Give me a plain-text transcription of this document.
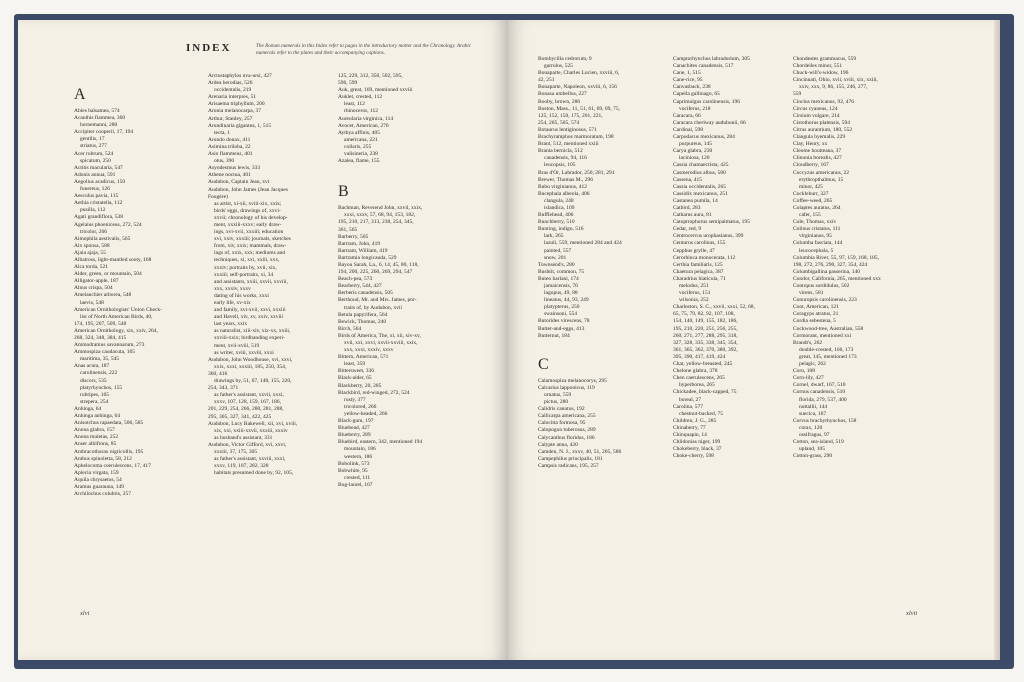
INDEX	The Roman numerals in this Index refer to pages in the introductory matter and the Chronology. Arabic numerals refer to the plates and their accompanying captions.
A
Abies balsamea, 574
Acanthis flammea, 360
hornemanni, 280
Accipiter cooperii, 17, 194
gentilis, 17
striatus, 277
Acer rubrum, 524
spicatum, 250
Actitis macularia, 547
Adonis annua, 591
Aegolius acadicus, 150
funereus, 126
Aesculus pavia, 115
Aethia cristatella, 112
pusilla, 112
Agati grandiflora, 538
Agelaius phoeniceus, 272, 524
tricolor, 266
Aimophila aestivalis, 565
Aix sponsa, 588
Ajaia ajaja, 55
Albatross, light-mantled sooty, 168
Alca torda, 521
Alder, green, or mountain, 504
Alligator-apple, 187
Alnus crispa, 504
Amelanchier arborea, 548
laevis, 548
American Ornithologists' Union Check-
list of North American Birds, 40,
174, 195, 207, 509, 548
American Ornithology, xix, xxiv, 264,
268, 324, 348, 384, 415
Ammodramus savannarum, 273
Ammospiza caudacuta, 165
maritima, 35, 545
Anas acuta, 187
carolinensis, 222
discors, 535
platyrhynchos, 155
rubripes, 165
strepera, 254
Anhinga, 64
Anhinga anhinga, 64
Anisotchus rapaedata, 506, 585
Anona glabra, 157
Anona muletas, 252
Anser albifrons, 85
Anthracothorax nigricollis, 195
Anthus spinoletta, 58, 212
Aphelocoma coerulescens, 17, 417
Aplecia virgata, 159
Aquila chrysaetos, 54
Aramus guarauna, 149
Archilochus colubris, 257
Arctostaphylos uva-ursi, 427
Ardea herodias, 526
occidentalis, 219
Arenaria interpres, 51
Arisaema triphyllum, 200
Aronia melanocarpa, 37
Arthur, Stanley, 257
Arundinaria gigantea, 1, 515
tecta, 1
Arundo donax, 411
Asimina triloba, 22
Asio flammeus, 401
otus, 390
Asyndesmus lewis, 333
Athene noctua, 401
Audubon, Captain Jean, xvi
Audubon, John James (Jean Jacques
Fougère)
as artist, xi-xii, xviii-xix, xxix;
birds' eggs, drawings of, xxvi-
xxvii; chronology of his develop-
ment, xxxiii-xxxv; early draw-
ings, xvi-xvii, xxxiii; education
xvi, xxiv, xxxiii; journals, sketches
from, xiv, xxix; mammals, draw-
ings of, xxix, xxx; mediums and
techniques, xi, xxi, xxiii, xxx,
xxxiv; portraits by, xvii, xix,
xxxiii; self-portraits, xi, 34
and assistants, xxiii, xxvii, xxviii,
xxx, xxxiv, xxxv
dating of his works, xxxi
early life, xv-xix
and family, xvi-xvii, xxvi, xxxiii
and Havell, xiv, xv, xxiv, xxviii
last years, xxix
as naturalist, xiii-xiv, xix-xx, xxiii,
xxviii-xxix; birdbanding experi-
ment, xvii-xviii, 519
as writer, xviii, xxviii, xxxi
Audubon, John Woodhouse, xvi, xxvi,
xxix, xxxi, xxxiii, 185, 250, 354,
360, 416
drawings by, 51, 67, 148, 155, 220,
254, 343, 371
as father's assistant, xxvii, xxxi,
xxxv, 107, 128, 159, 167, 186,
201, 229, 254, 266, 280, 281, 288,
295, 305, 327, 341, 422, 425
Audubon, Lucy Bakewell, xii, xvi, xviii,
xix, xxi, xxiii-xxvii, xxxiii, xxxiv
as husband's assistant, 331
Audubon, Victor Gifford, xvi, xxvi,
xxxiii, 37, 175, 305
as father's assistant, xxviii, xxxi,
xxxv, 119, 187, 282, 328
habitats presumed done by, 92, 105,
125, 229, 312, 350, 502, 595,
596, 599
Auk, great, 169, mentioned xxviii
Auklet, crested, 112
least, 112
rhinoceros, 112
Aureolaria virginica, 114
Avocet, American, 270
Aythya affinis, 405
americana, 221
collaris, 255
valisineria, 238
Azalea, flame, 155
B
Bachman, Reverend John, xxvii, xxix,
xxxi, xxxv, 57, 68, 94, 153, 182,
195, 210, 217, 313, 238, 254, 345,
361, 565
Barberry, 505
Bartram, John, 419
Bartram, William, 419
Bartramia longicauda, 529
Bayou Sarah, La., 6, 14, 45, 80, 118,
194, 200, 225, 260, 269, 294, 547
Beach-pea, 573
Bearberry, 544, 427
Berberis canadensis, 505
Berthoud, Mr. and Mrs. James, por-
traits of, by Audubon, xvii
Betula papyrifera, 564
Bewick, Thomas, 240
Birch, 564
Birds of America, The, xi, xii, xiv-xv,
xvii, xxi, xxvi, xxvii-xxviii, xxix,
xxx, xxxi, xxxiv, xxxv
Bittern, American, 571
least, 359
Bittersweet, 336
Black-alder, 65
Blackberry, 20, 285
Blackbird, red-winged, 272, 524
rusty, 377
tricolored, 266
yellow-headed, 266
Black-gum, 197
Bluebead, 427
Blueberry, 289
Bluebird, eastern, 342, mentioned 194
mountain, 186
western, 186
Bobolink, 573
Bobwhite, 95
crested, 111
Bog-laurel, 167
xlvi
Bombycilla cedrorum, 9
garrulus, 525
Bonaparte, Charles Lucien, xxviii, 6,
42, 251
Bonaparte, Napoleon, xxviii, 6, 156
Bonasa umbellus, 227
Booby, brown, 286
Boston, Mass., 11, 51, 61, 69, 69, 75,
125, 152, 150, 175, 201, 221,
254, 265, 505, 574
Botaurus lentiginosus, 571
Brachyramphus marmoratum, 198
Brant, 512, mentioned xxiii
Branta bernicla, 512
canadensis, 94, 116
leucopsis, 105
Bras d'Or, Labrador, 250, 281, 291
Brewer, Thomas M., 296
Bubo virginianus, 412
Bucephala albeola, 406
clangula, 248
islandica, 109
Bufflehead, 406
Bunchberry, 510
Bunting, indigo, 516
lark, 265
lazuli, 559, mentioned 284 and 424
painted, 557
snow, 201
Townsend's, 280
Bushtit, common, 75
Buteo harlani, 174
jamaicensis, 76
lagopus, 49, 88
lineatus, 44, 93, 249
platypterus, 250
swainsoni, 554
Butorides virescens, 78
Butter-and-eggs, 413
Butternut, 184
C
Calamospiza melanocorys, 295
Calcarius lapponicus, 119
ornatus, 559
pictus, 280
Calidris canutus, 192
Callicarpa americana, 255
Calocitta formosa, 95
Calopogon tuberosus, 289
Calycanthus floridus, 186
Calypte anna, 420
Camden, N. J., xxxv, 40, 51, 205, 586
Campephilus principalis, 181
Campsis radicans, 195, 257
Camptorhynchus labradorium, 305
Canachites canadensis, 517
Cane, 1, 515
Cane-rice, 95
Canvasback, 238
Capella gallinago, 65
Caprimulgus carolinensis, 196
vociferus, 218
Caracara, 66
Caracara cheriway audubonii, 66
Cardinal, 598
Carpodacus mexicanus, 284
purpureus, 145
Carya glabra, 230
laciniosa, 120
Cassia chamaecrista, 425
Casmerodius albus, 580
Cassena, 415
Cassia occidentalis, 265
Cassidix mexicanus, 251
Castanea pumila, 14
Catbird, 283
Catharus aura, 81
Catoptrophorus semipalmatus, 195
Cedar, red, 9
Centrocercus urophasianus, 399
Centurus carolinus, 155
Cepphus grylle, 47
Cerorhinca monocerata, 112
Certhia familiaris, 125
Chaetura pelagica, 387
Charadrius hiaticula, 71
melodus, 251
vociferus, 151
wilsonia, 252
Charleston, S. C., xxvii, xxxi, 52, 68,
65, 75, 79, 82, 92, 107, 108,
154, 140, 149, 155, 182, 186,
195, 210, 220, 251, 256, 255,
260, 271, 277, 288, 295, 318,
327, 328, 335, 338, 345, 354,
361, 365, 362, 370, 380, 392,
395, 390, 417, 419, 424
Chat, yellow-breasted, 245
Chelone glabra, 378
Chen caerulescens, 265
hyperborea, 265
Chickadee, black-capped, 75
boreal, 27
Carolina, 577
chestnut-backed, 75
Children, J. G., 285
Chinaberry, 77
Chinquapin, 14
Chlidonias niger, 199
Chokeberry, black, 37
Choke-cherry, 598
Chondestes grammacus, 559
Chordeiles minor, 551
Chuck-will's-widow, 196
Cincinnati, Ohio, xvii, xviii, xix, xxiii,
xxiv, xxx, 9, 86, 155, 246, 277,
559
Cinclus mexicanus, 92, 476
Circus cyaneus, 124
Cirsium vulgare, 214
Cistothorus platensis, 594
Citrus aurantium, 180, 552
Clangula hyemalis, 229
Clay, Henry, xx
Cleome houtteana, 37
Clinonia borealis, 427
Cloudberry, 167
Coccyzus americanus, 22
erythropthalmus, 15
minor, 425
Cockleburr, 327
Coffee-weed, 265
Colaptes auratus, 264
cafer, 155
Cole, Thomas, xxiv
Colinus cristatus, 111
virginianus, 95
Columba fasciata, 144
leucocephala, 5
Columbia River, 55, 97, 159, 168, 185,
198, 272, 276, 290, 327, 354, 424
Columbigallina passerina, 140
Condor, California, 265, mentioned xxx
Contopus sordidulus, 502
virens, 581
Conuropsis carolinensis, 223
Coot, American, 121
Coragyps atratus, 21
Cordia sebestena, 5
Cockwood-tree, Australian, 558
Cormorant, mentioned xxi
Brandt's, 262
double-crested, 166, 173
great, 145, mentioned 173
pelagic, 262
Corn, 108
Corn-lily, 427
Cornel, dwarf, 167, 510
Cornus canadensis, 510
florida, 279, 537, 400
nuttallii, 144
suecica, 167
Corvus brachyrhynchos, 158
corax, 120
ossifragus, 97
Cotton, sea-island, 519
upland, 105
Cotton-grass, 290
xlvii
